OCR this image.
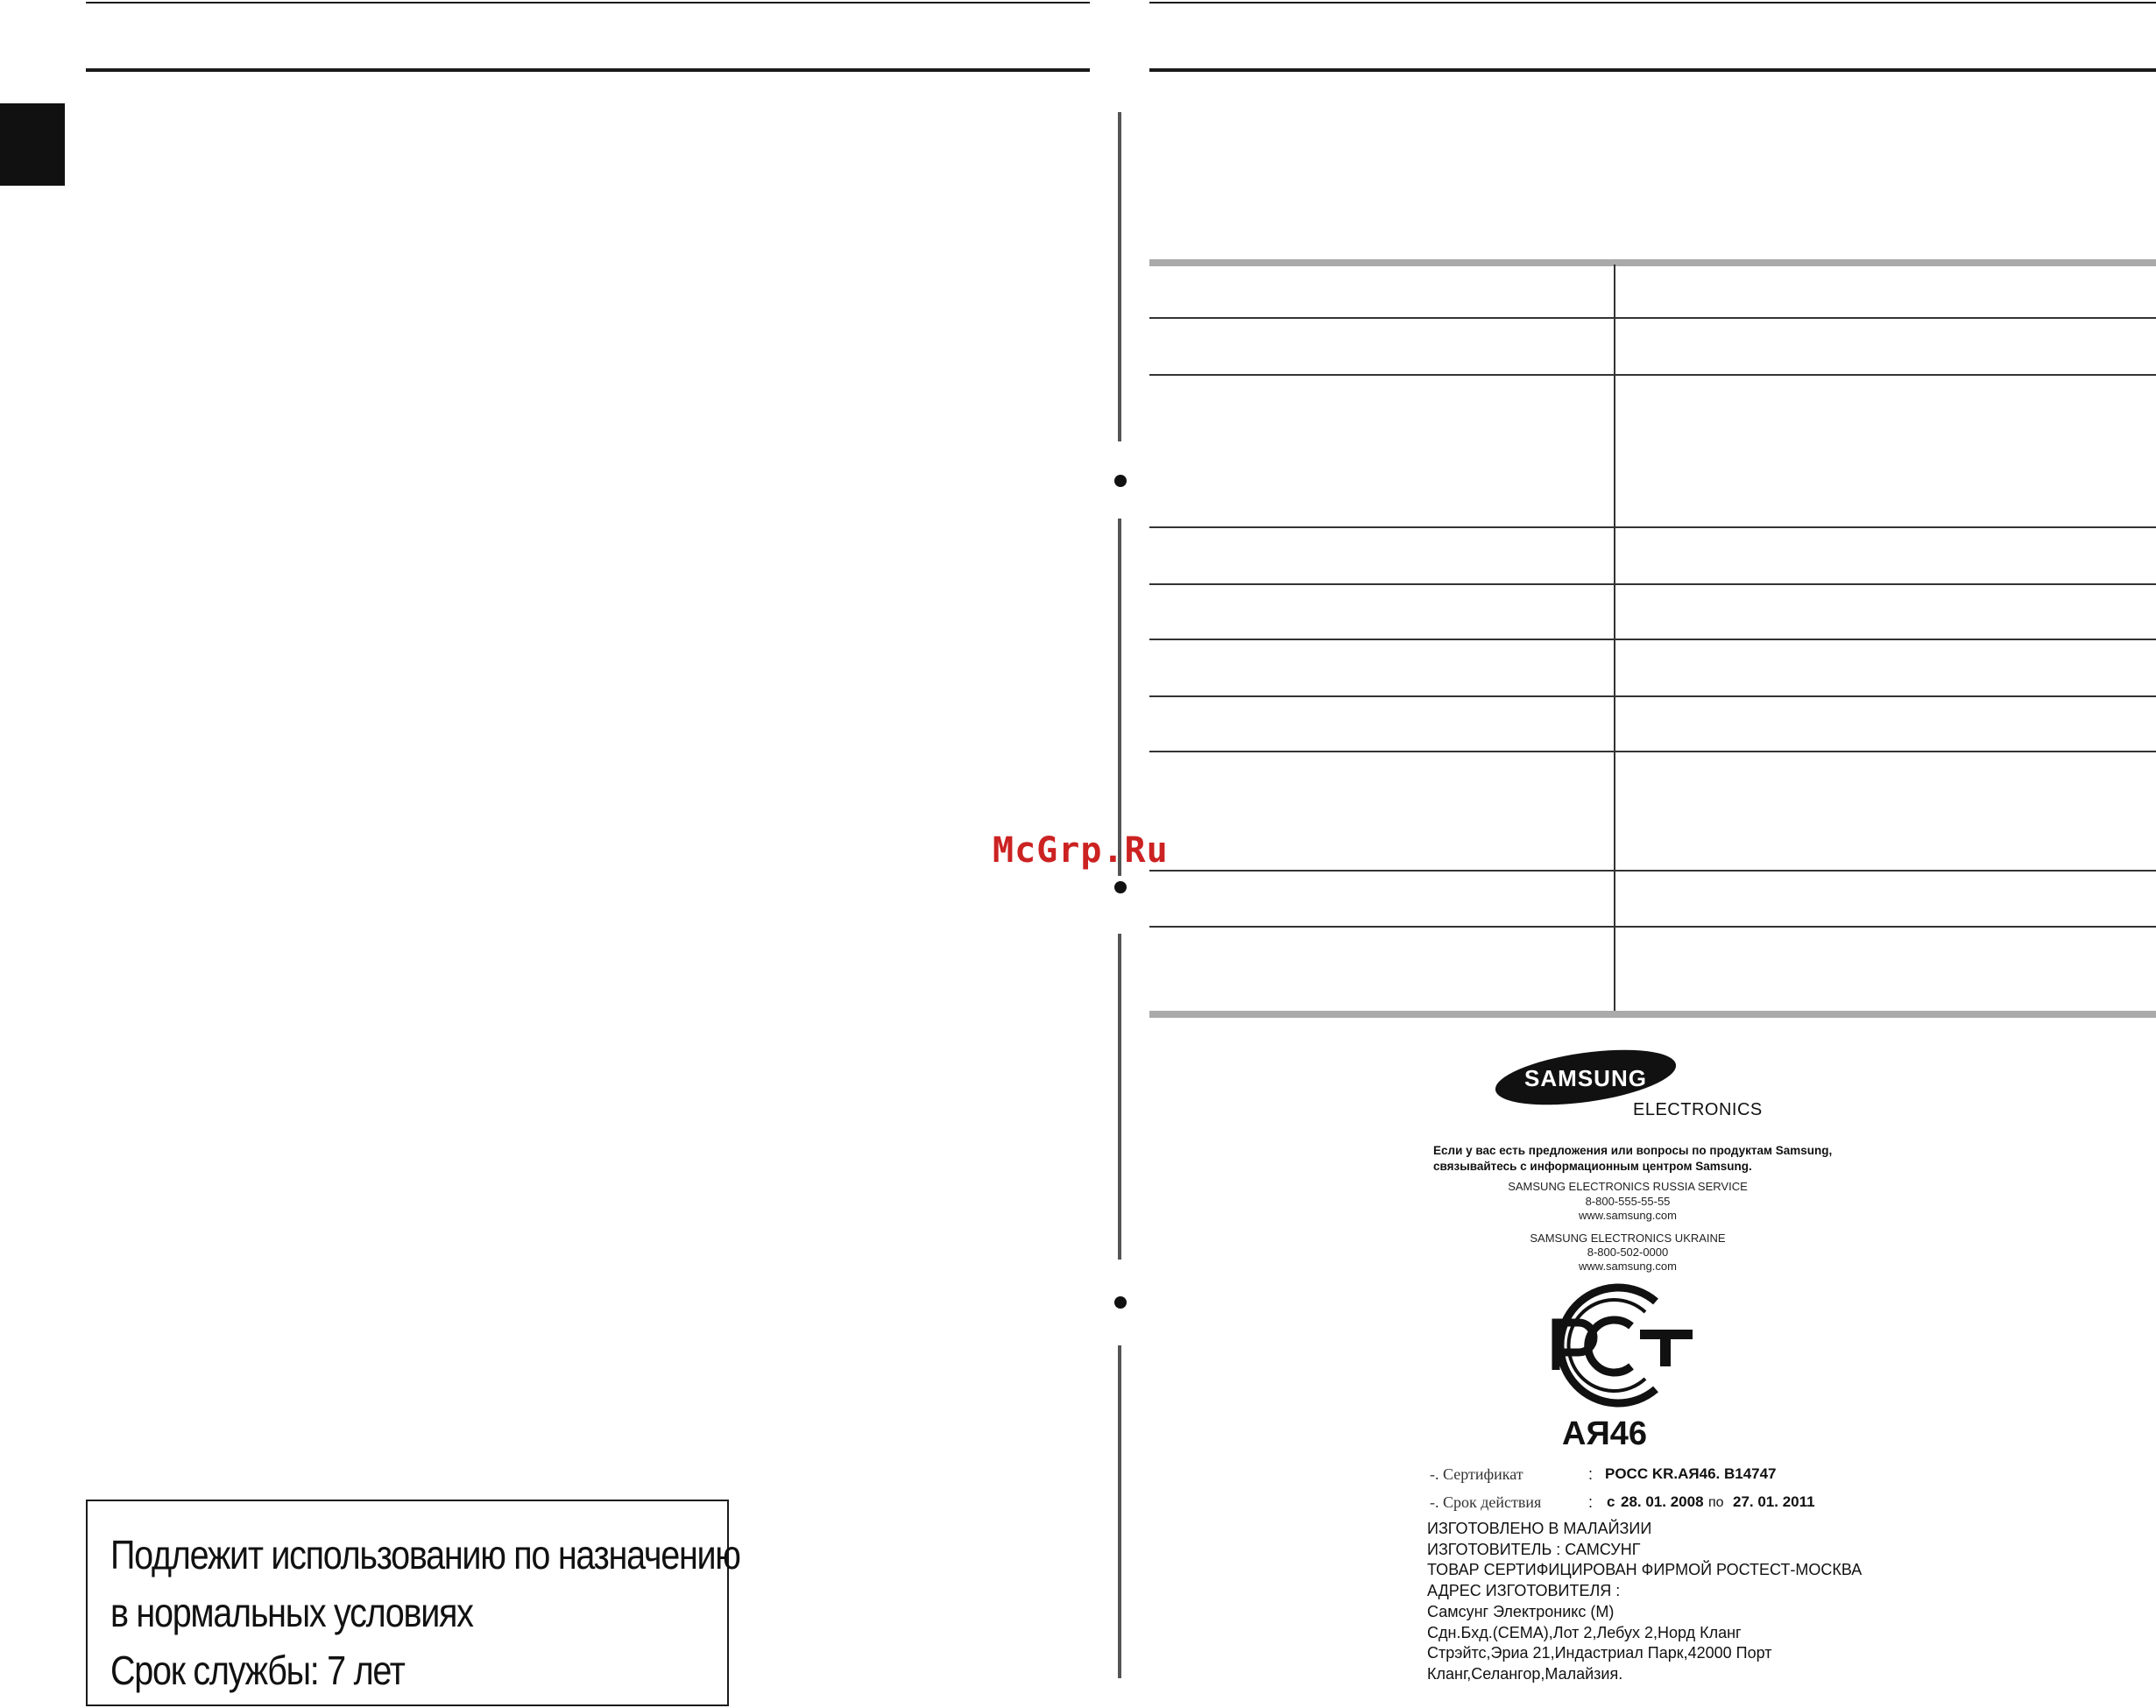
McGrp.Ru
Подлежит использованию по назначению
в нормальных условиях
Срок службы: 7 лет
SAMSUNG
ELECTRONICS
Если у вас есть предложения или вопросы по продуктам Samsung,
связывайтесь с информационным центром Samsung.
SAMSUNG ELECTRONICS RUSSIA SERVICE
8-800-555-55-55
www.samsung.com
SAMSUNG ELECTRONICS UKRAINE
8-800-502-0000
www.samsung.com
АЯ46
-. Сертификат	: POCC KR.АЯ46. B14747
-. Срок действия	: с 28. 01. 2008 по 27. 01. 2011
ИЗГОТОВЛЕНО В МАЛАЙЗИИ
ИЗГОТОВИТЕЛЬ : САМСУНГ
ТОВАР СЕРТИФИЦИРОВАН ФИРМОЙ РОСТЕСТ-МОСКВА
АДРЕС ИЗГОТОВИТЕЛЯ :
Самсунг Электроникс (М)
Сдн.Бхд.(СЕМА),Лот 2,Лебух 2,Норд Кланг
Стрэйтс,Эриа 21,Индастриал Парк,42000 Порт
Кланг,Селангор,Малайзия.
